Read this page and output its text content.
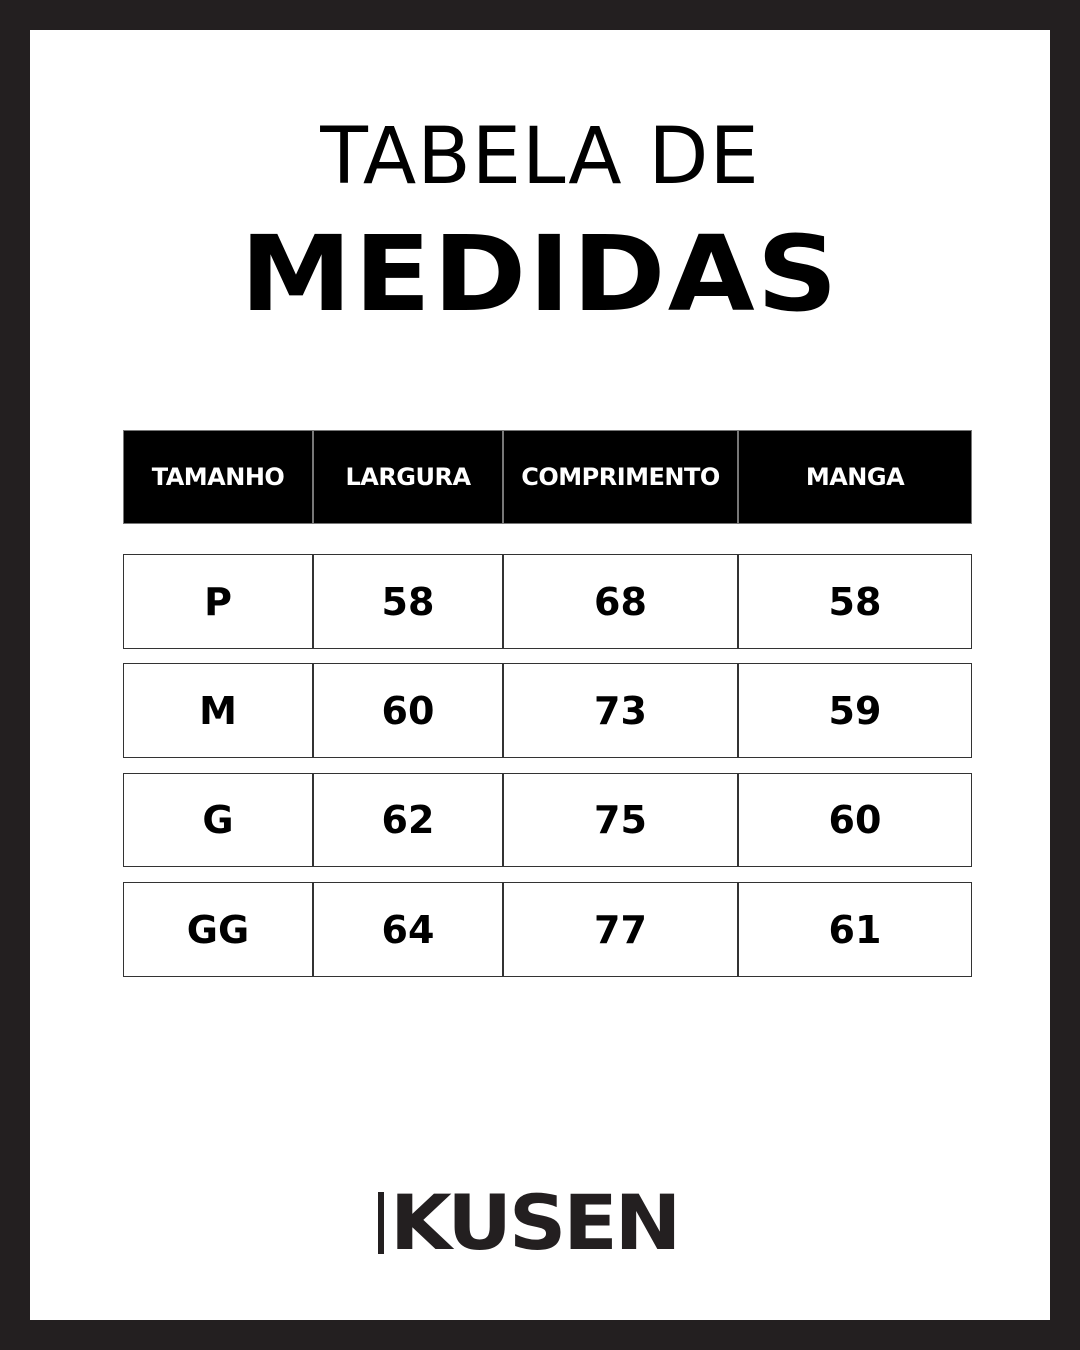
TABELA DE
MEDIDAS
TAMANHO	LARGURA	COMPRIMENTO	MANGA
P	58	68	58
M	60	73	59
G	62	75	60
GG	64	77	61
KUSEN
